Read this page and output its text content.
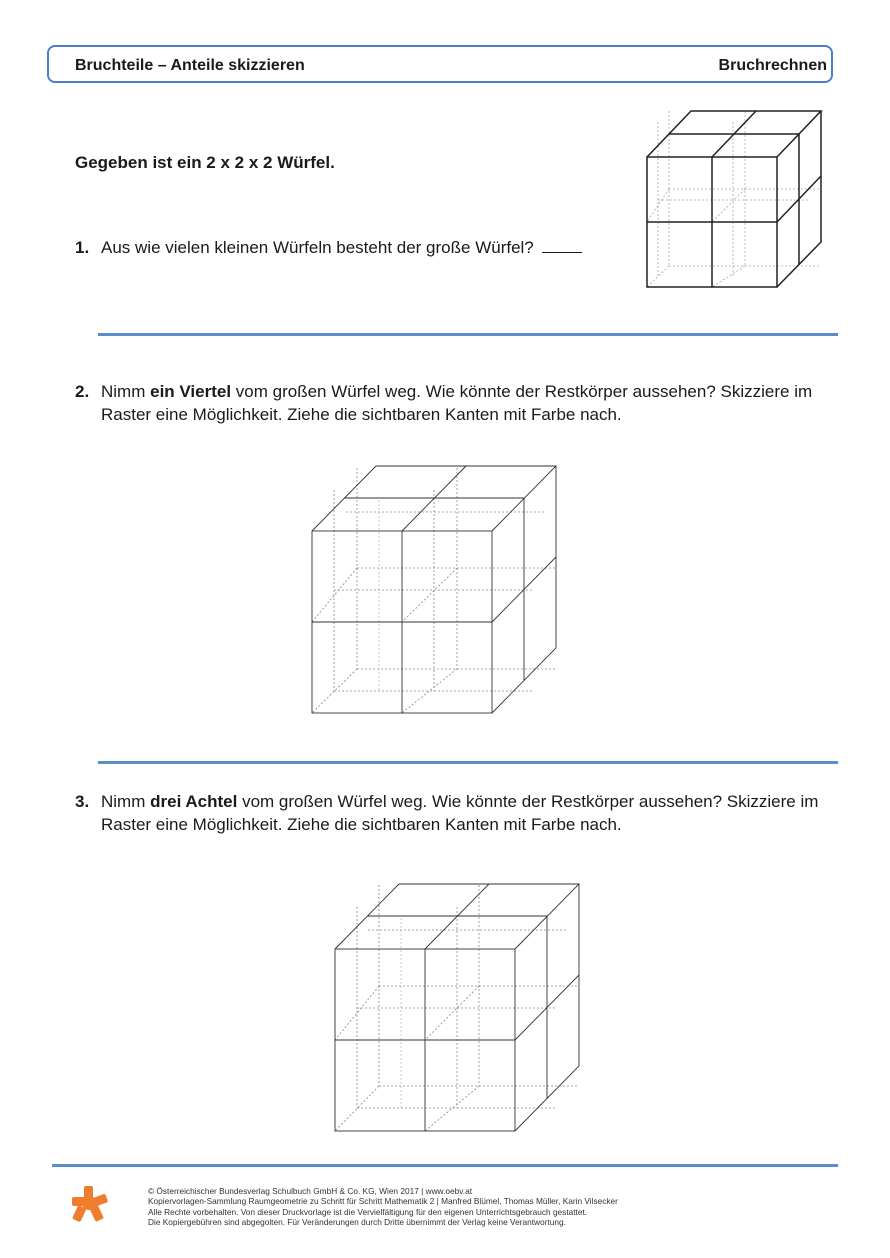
Bruchteile – Anteile skizzieren	Bruchrechnen
Gegeben ist ein 2 x 2 x 2 Würfel.
1. Aus wie vielen kleinen Würfeln besteht der große Würfel?
2. Nimm ein Viertel vom großen Würfel weg. Wie könnte der Restkörper aussehen? Skizziere im Raster eine Möglichkeit. Ziehe die sichtbaren Kanten mit Farbe nach.
3. Nimm drei Achtel vom großen Würfel weg. Wie könnte der Restkörper aussehen? Skizziere im Raster eine Möglichkeit. Ziehe die sichtbaren Kanten mit Farbe nach.
© Österreichischer Bundesverlag Schulbuch GmbH & Co. KG, Wien 2017 | www.oebv.at
Kopiervorlagen-Sammlung Raumgeometrie zu Schritt für Schritt Mathematik 2 | Manfred Blümel, Thomas Müller, Karin Vilsecker
Alle Rechte vorbehalten. Von dieser Druckvorlage ist die Vervielfältigung für den eigenen Unterrichtsgebrauch gestattet.
Die Kopiergebühren sind abgegolten. Für Veränderungen durch Dritte übernimmt der Verlag keine Verantwortung.
